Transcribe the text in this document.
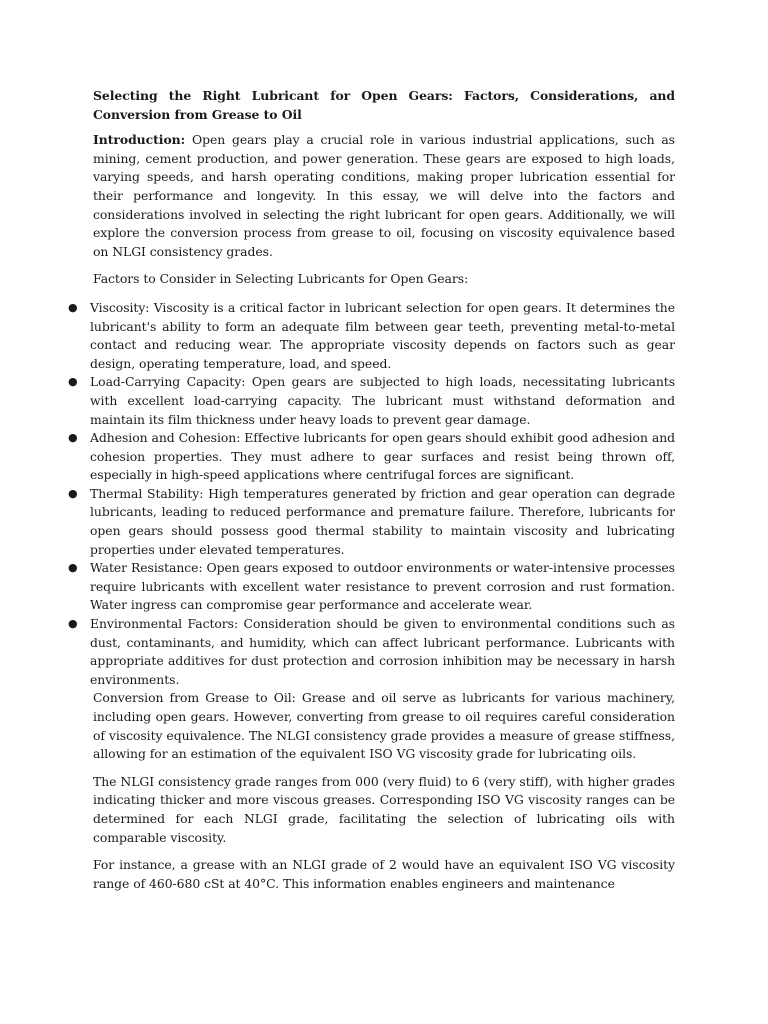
Selecting the Right Lubricant for Open Gears: Factors, Considerations, and Conversion from Grease to Oil

Introduction: Open gears play a crucial role in various industrial applications, such as mining, cement production, and power generation. These gears are exposed to high loads, varying speeds, and harsh operating conditions, making proper lubrication essential for their performance and longevity. In this essay, we will delve into the factors and considerations involved in selecting the right lubricant for open gears. Additionally, we will explore the conversion process from grease to oil, focusing on viscosity equivalence based on NLGI consistency grades.

Factors to Consider in Selecting Lubricants for Open Gears:

● Viscosity: Viscosity is a critical factor in lubricant selection for open gears. It determines the lubricant's ability to form an adequate film between gear teeth, preventing metal-to-metal contact and reducing wear. The appropriate viscosity depends on factors such as gear design, operating temperature, load, and speed.
● Load-Carrying Capacity: Open gears are subjected to high loads, necessitating lubricants with excellent load-carrying capacity. The lubricant must withstand deformation and maintain its film thickness under heavy loads to prevent gear damage.
● Adhesion and Cohesion: Effective lubricants for open gears should exhibit good adhesion and cohesion properties. They must adhere to gear surfaces and resist being thrown off, especially in high-speed applications where centrifugal forces are significant.
● Thermal Stability: High temperatures generated by friction and gear operation can degrade lubricants, leading to reduced performance and premature failure. Therefore, lubricants for open gears should possess good thermal stability to maintain viscosity and lubricating properties under elevated temperatures.
● Water Resistance: Open gears exposed to outdoor environments or water-intensive processes require lubricants with excellent water resistance to prevent corrosion and rust formation. Water ingress can compromise gear performance and accelerate wear.
● Environmental Factors: Consideration should be given to environmental conditions such as dust, contaminants, and humidity, which can affect lubricant performance. Lubricants with appropriate additives for dust protection and corrosion inhibition may be necessary in harsh environments.

Conversion from Grease to Oil: Grease and oil serve as lubricants for various machinery, including open gears. However, converting from grease to oil requires careful consideration of viscosity equivalence. The NLGI consistency grade provides a measure of grease stiffness, allowing for an estimation of the equivalent ISO VG viscosity grade for lubricating oils.

The NLGI consistency grade ranges from 000 (very fluid) to 6 (very stiff), with higher grades indicating thicker and more viscous greases. Corresponding ISO VG viscosity ranges can be determined for each NLGI grade, facilitating the selection of lubricating oils with comparable viscosity.

For instance, a grease with an NLGI grade of 2 would have an equivalent ISO VG viscosity range of 460-680 cSt at 40°C. This information enables engineers and maintenance
